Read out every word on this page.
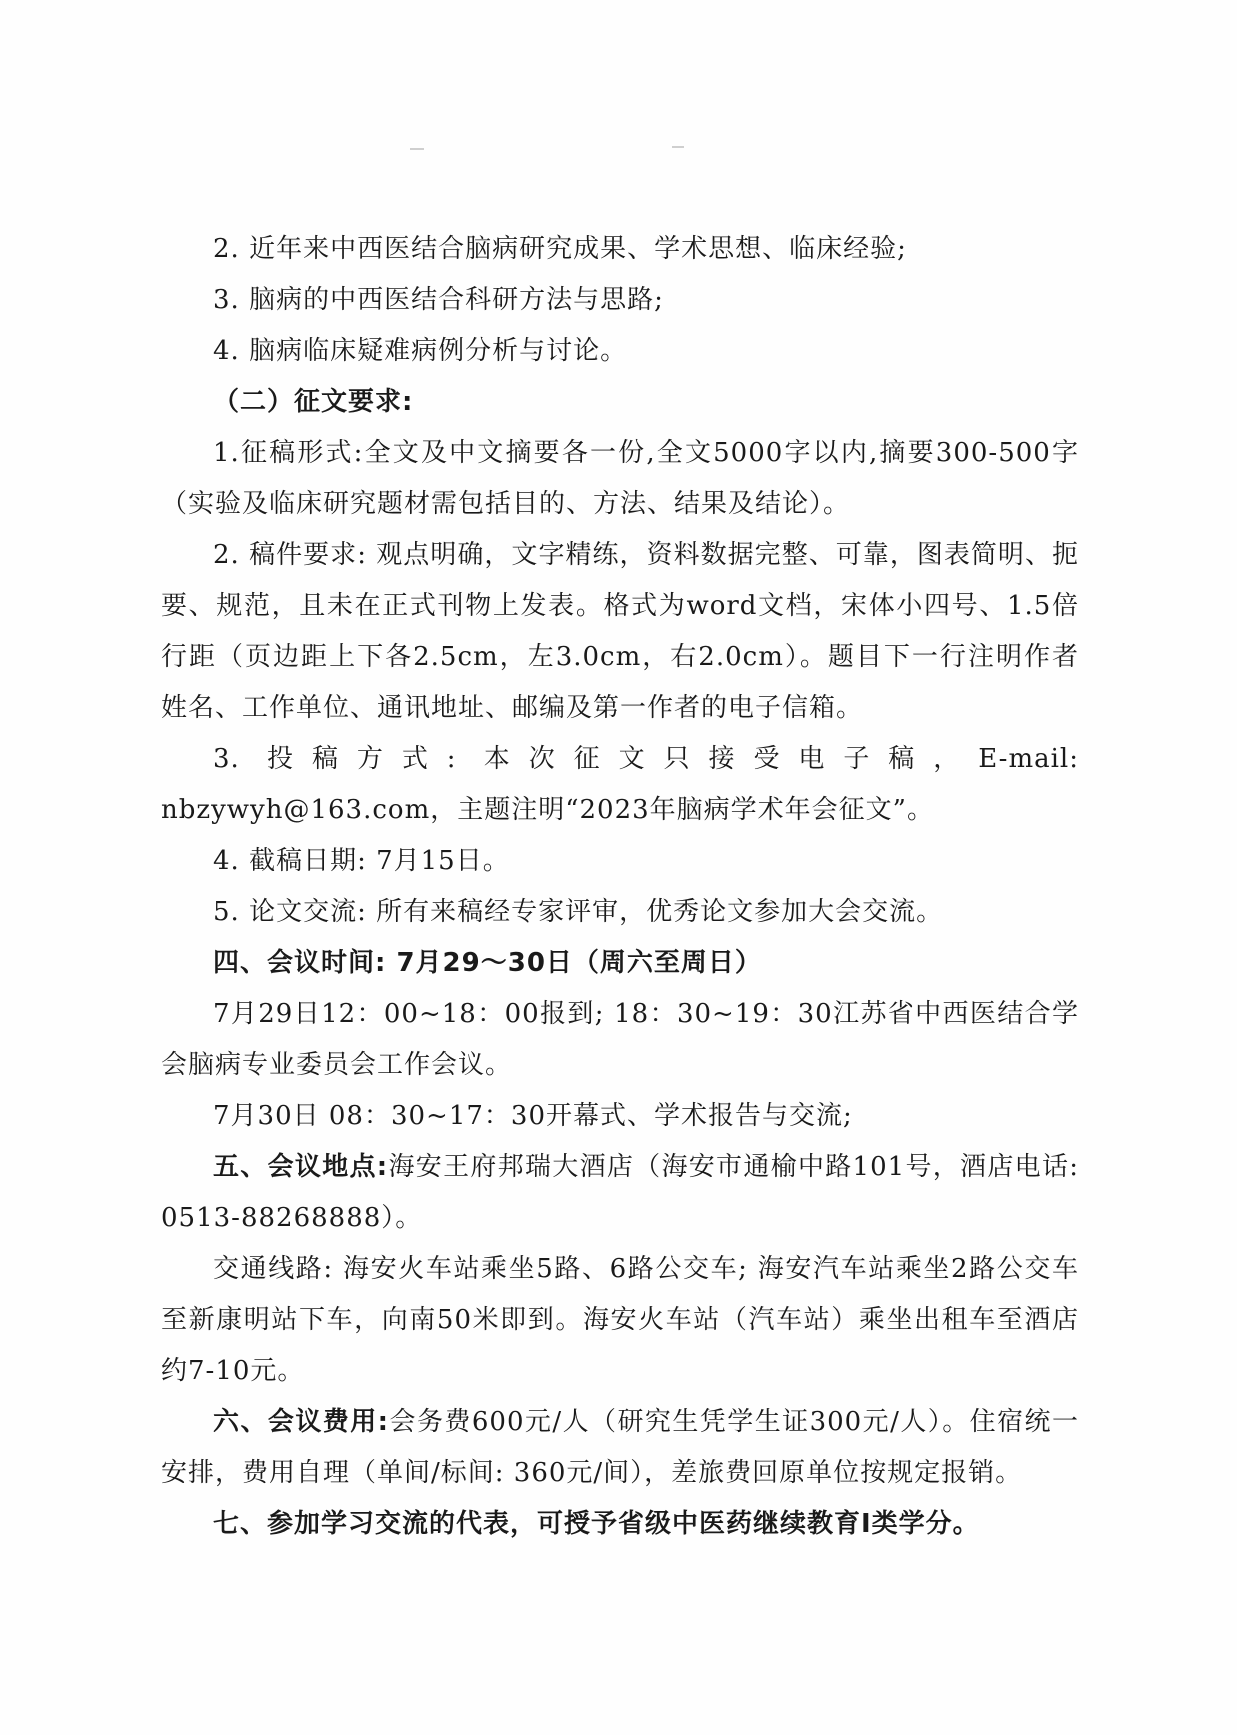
2. 近年来中西医结合脑病研究成果、学术思想、临床经验;

3. 脑病的中西医结合科研方法与思路;

4. 脑病临床疑难病例分析与讨论。

（二）征文要求:

1.征稿形式:全文及中文摘要各一份,全文5000字以内,摘要300-500字（实验及临床研究题材需包括目的、方法、结果及结论）。

2. 稿件要求: 观点明确，文字精练，资料数据完整、可靠，图表简明、扼要、规范，且未在正式刊物上发表。格式为word文档，宋体小四号、1.5倍行距（页边距上下各2.5cm，左3.0cm，右2.0cm）。题目下一行注明作者姓名、工作单位、通讯地址、邮编及第一作者的电子信箱。

3. 投稿方式: 本次征文只接受电子稿，E-mail: nbzywyh@163.com，主题注明“2023年脑病学术年会征文”。

4. 截稿日期: 7月15日。

5. 论文交流: 所有来稿经专家评审，优秀论文参加大会交流。

四、会议时间: 7月29～30日（周六至周日）

7月29日12：00~18：00报到; 18：30~19：30江苏省中西医结合学会脑病专业委员会工作会议。

7月30日 08：30~17：30开幕式、学术报告与交流;

五、会议地点:海安王府邦瑞大酒店（海安市通榆中路101号，酒店电话: 0513-88268888）。

交通线路: 海安火车站乘坐5路、6路公交车; 海安汽车站乘坐2路公交车至新康明站下车，向南50米即到。海安火车站（汽车站）乘坐出租车至酒店约7-10元。

六、会议费用:会务费600元/人（研究生凭学生证300元/人）。住宿统一安排，费用自理（单间/标间: 360元/间），差旅费回原单位按规定报销。

七、参加学习交流的代表，可授予省级中医药继续教育Ⅰ类学分。
